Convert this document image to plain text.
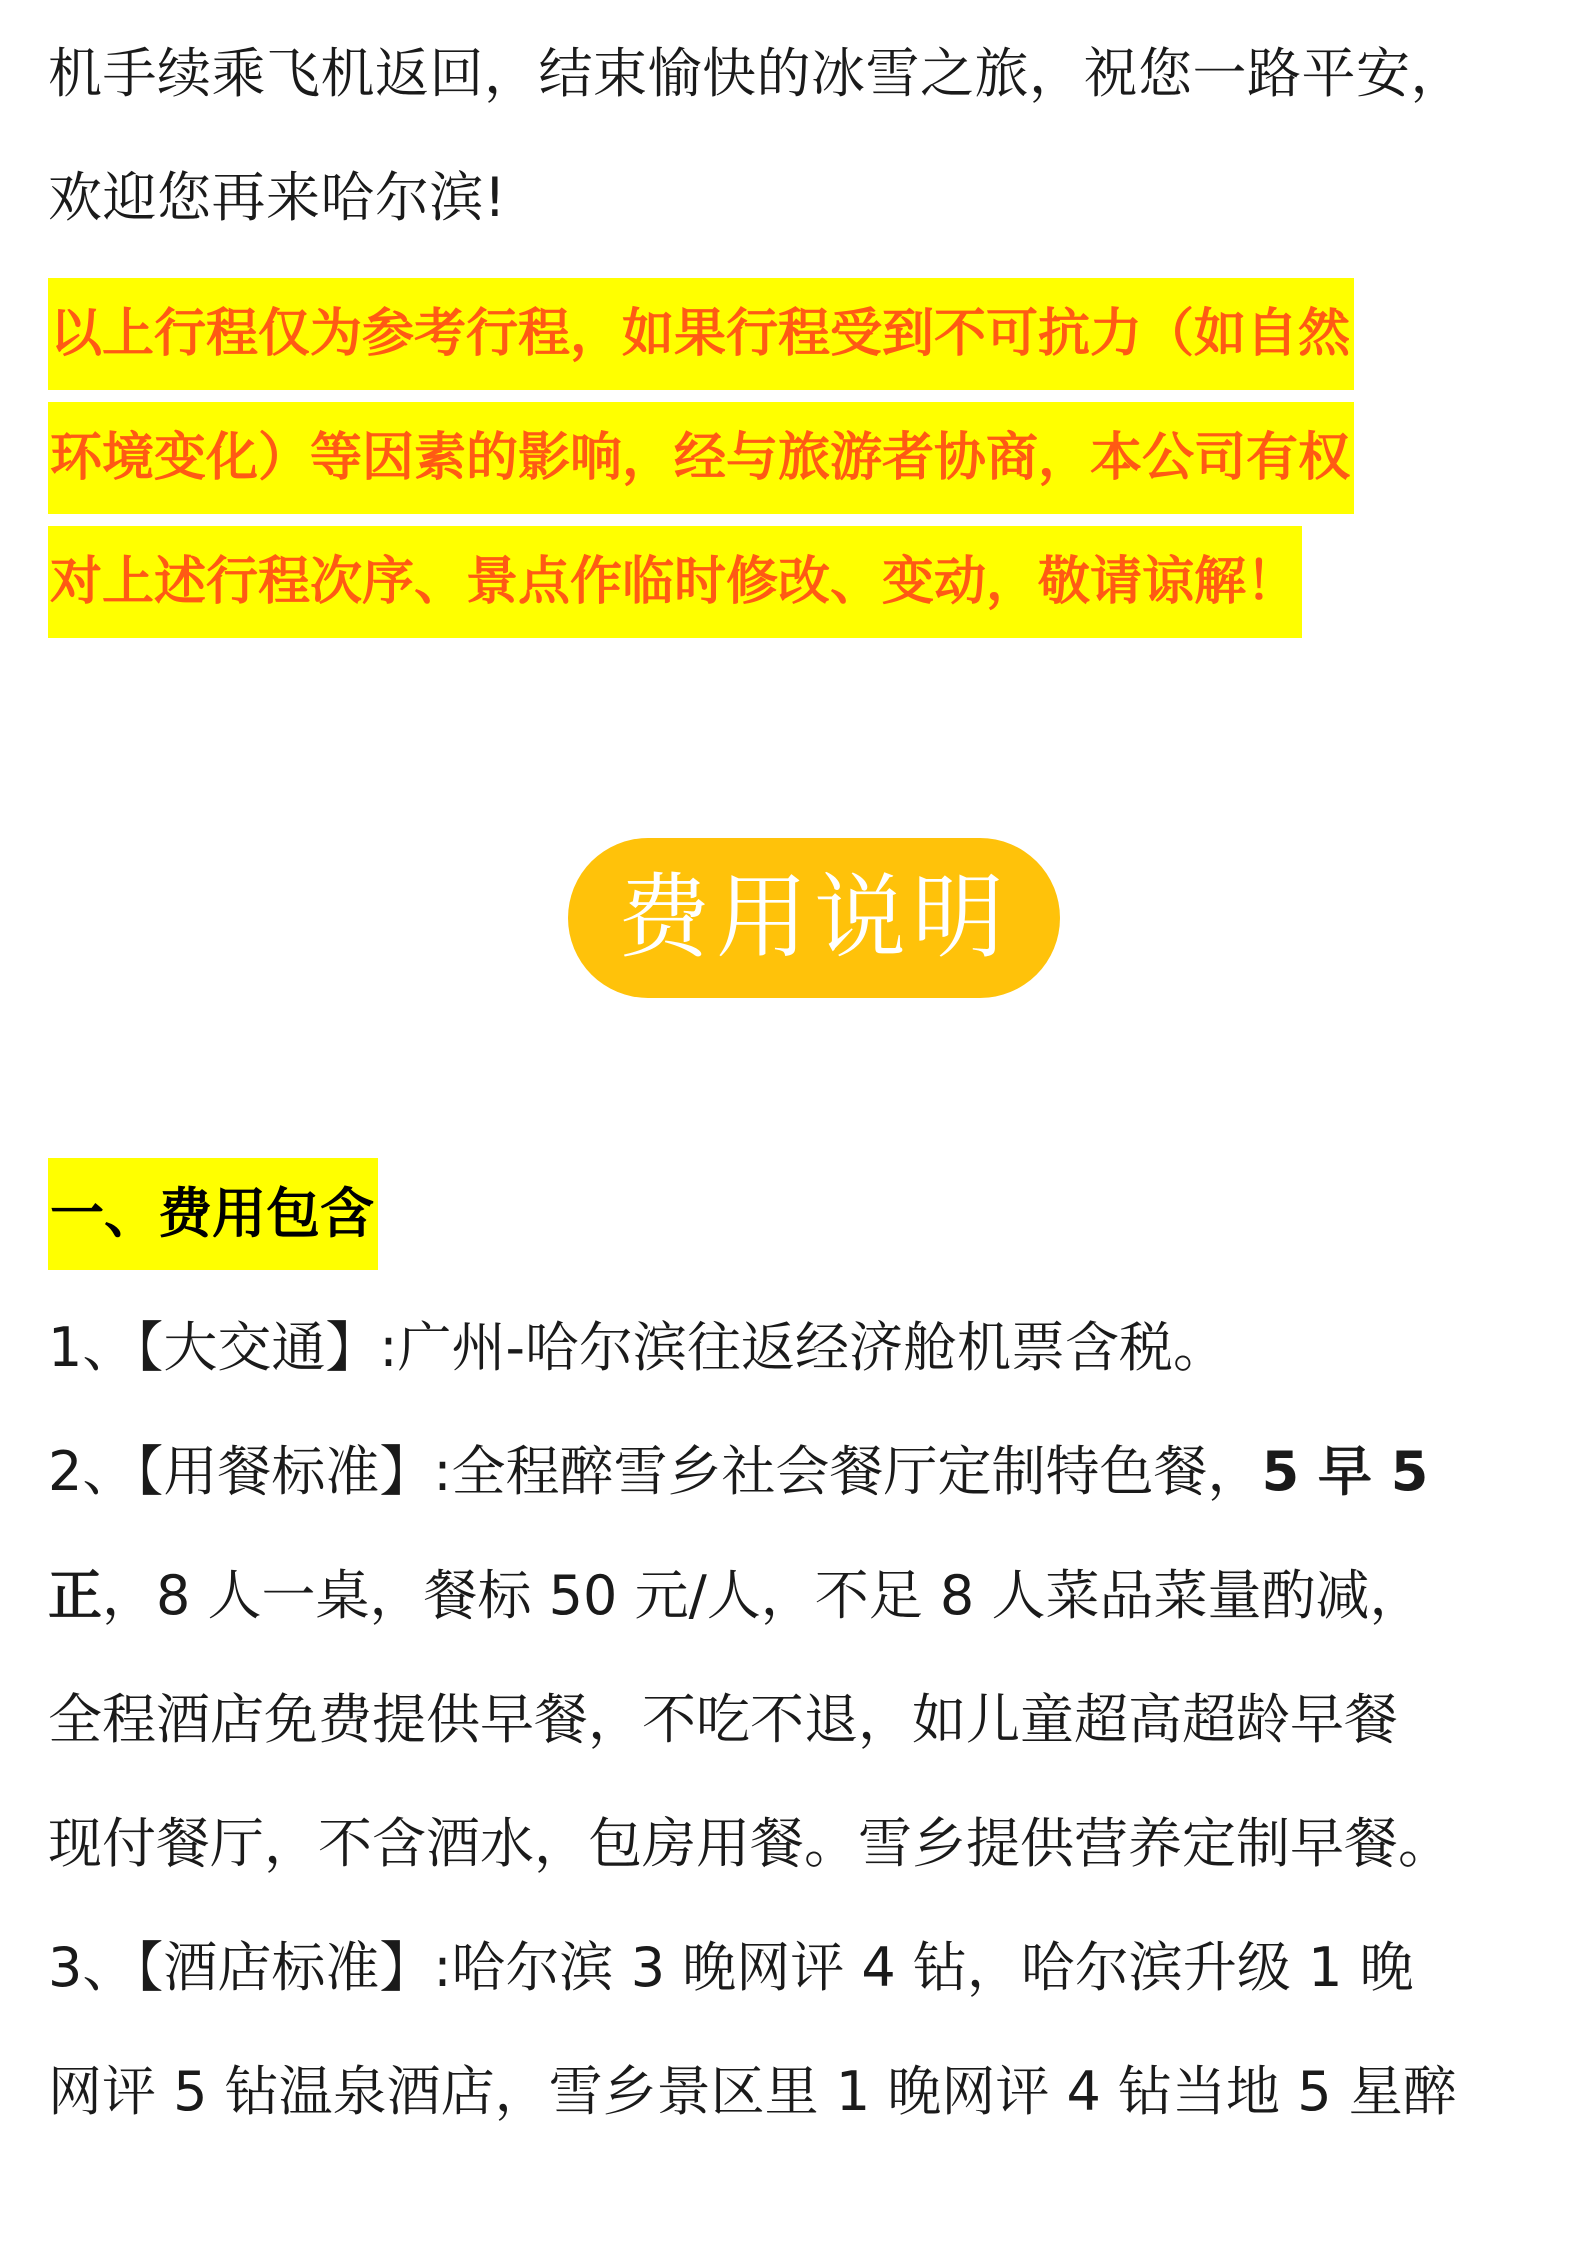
机手续乘飞机返回，结束愉快的冰雪之旅，祝您一路平安，
欢迎您再来哈尔滨!
以上行程仅为参考行程，如果行程受到不可抗力（如自然
环境变化）等因素的影响，经与旅游者协商，本公司有权
对上述行程次序、景点作临时修改、变动，敬请谅解！
费用说明
一、费用包含
1、【大交通】:广州-哈尔滨往返经济舱机票含税。
2、【用餐标准】:全程醉雪乡社会餐厅定制特色餐，5 早 5
正，8 人一桌，餐标 50 元/人，不足 8 人菜品菜量酌减，
全程酒店免费提供早餐，不吃不退，如儿童超高超龄早餐
现付餐厅，不含酒水，包房用餐。雪乡提供营养定制早餐。
3、【酒店标准】:哈尔滨 3 晚网评 4 钻，哈尔滨升级 1 晚
网评 5 钻温泉酒店，雪乡景区里 1 晚网评 4 钻当地 5 星醉
